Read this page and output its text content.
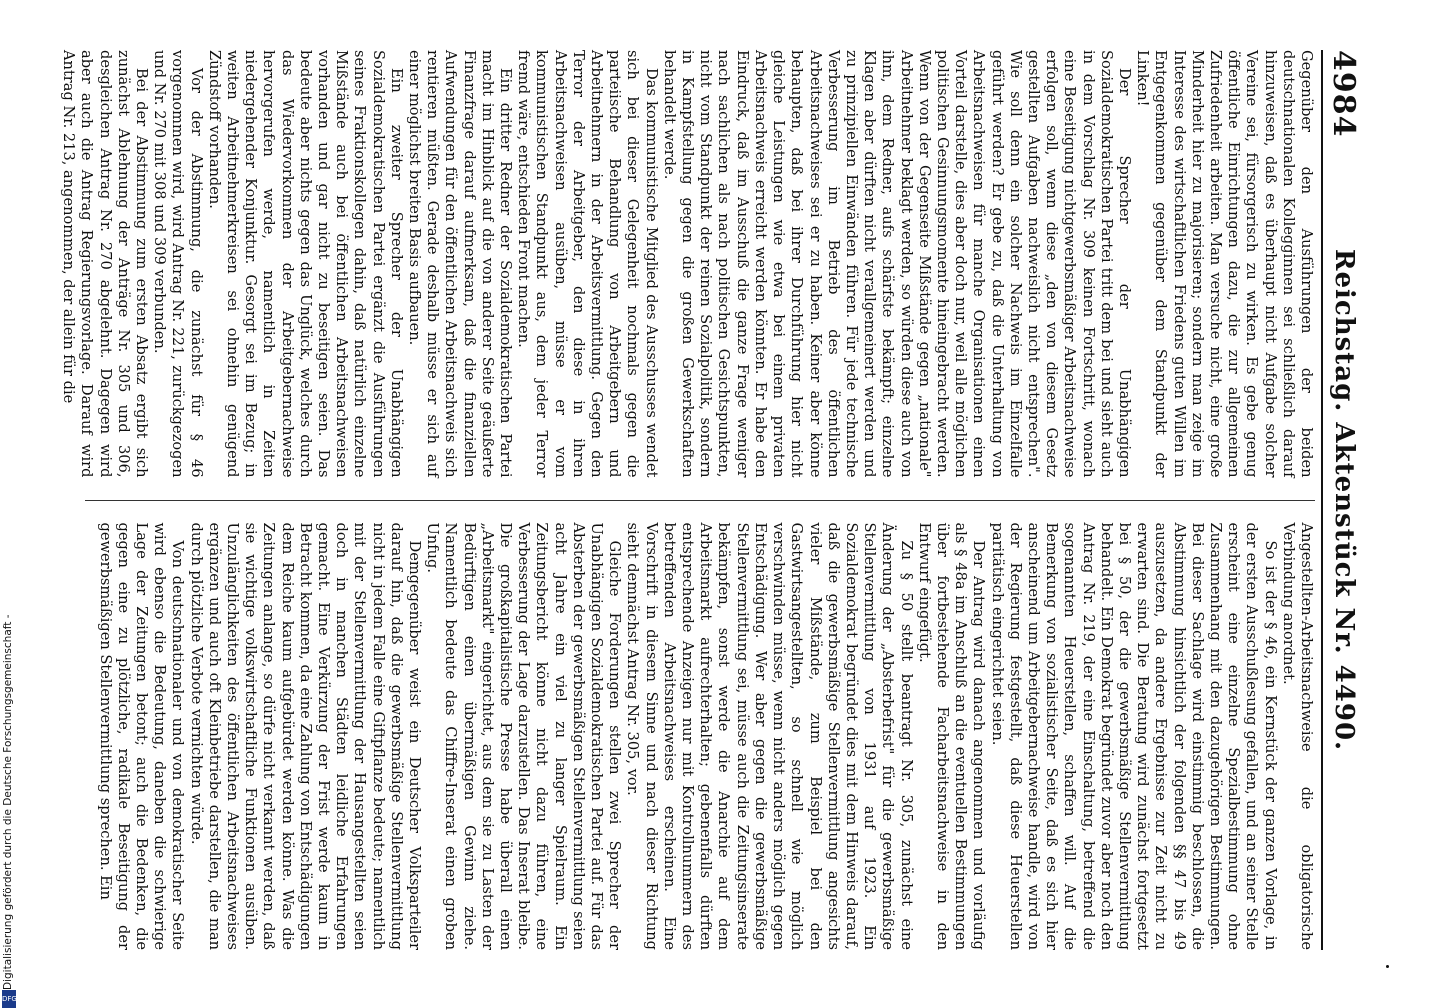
4984
Reichstag. Aktenstück Nr. 4490.

Gegenüber den Ausführungen der beiden deutschnationalen Kollegginnen sei schließlich darauf hinzuweisen, daß es überhaupt nicht Aufgabe solcher Vereine sei, fürsorgerisch zu wirken. Es gebe genug öffentliche Einrichtungen dazu, die zur allgemeinen Zufriedenheit arbeiten. Man versuche nicht, eine große Minderheit hier zu majorisieren; sondern man zeige im Interesse des wirtschaftlichen Friedens guten Willen im Entgegenkommen gegenüber dem Standpunkt der Linken!

Der Sprecher der Unabhängigen Sozialdemokratischen Partei tritt dem bei und sieht auch in dem Vorschlag Nr. 309 keinen Fortschritt, wonach eine Beseitigung nichtgewerbsmäßiger Arbeitsnachweise erfolgen soll, wenn diese „den von diesem Gesetz gestellten Aufgaben nachweislich nicht entsprechen". Wie soll denn ein solcher Nachweis im Einzelfalle geführt werden? Er gebe zu, daß die Unterhaltung von Arbeitsnachweisen für manche Organisationen einen Vorteil darstelle, dies aber doch nur, weil alle möglichen politischen Gesinnungsmomente hineingebracht werden. Wenn von der Gegenseite Mißstände gegen „nationale" Arbeitnehmer beklagt werden, so würden diese auch von ihm, dem Redner, aufs schärfste bekämpft; einzelne Klagen aber dürften nicht verallgemeinert werden und zu prinzipiellen Einwänden führen. Für jede technische Verbesserung im Betrieb des öffentlichen Arbeitsnachweises sei er zu haben. Keiner aber könne behaupten, daß bei ihrer Durchführung hier nicht gleiche Leistungen wie etwa bei einem privaten Arbeitsnachweis erreicht werden könnten. Er habe den Eindruck, daß im Ausschuß die ganze Frage weniger nach sachlichen als nach politischen Gesichtspunkten, nicht vom Standpunkt der reinen Sozialpolitik, sondern in Kampfstellung gegen die großen Gewerkschaften behandelt werde.

Das kommunistische Mitglied des Ausschusses wendet sich bei dieser Gelegenheit nochmals gegen die parteiische Behandlung von Arbeitgebern und Arbeitnehmern in der Arbeitsvermittlung. Gegen den Terror der Arbeitgeber, den diese in ihren Arbeitsnachweisen ausüben, müsse er vom kommunistischen Standpunkt aus, dem jeder Terror fremd wäre, entschieden Front machen.

Ein dritter Redner der Sozialdemokratischen Partei macht im Hinblick auf die von anderer Seite geäußerte Finanzfrage darauf aufmerksam, daß die finanziellen Aufwendungen für den öffentlichen Arbeitsnachweis sich rentieren müßten. Gerade deshalb müsse er sich auf einer möglichst breiten Basis aufbauen.

Ein zweiter Sprecher der Unabhängigen Sozialdemokratischen Partei ergänzt die Ausführungen seines Fraktionskollegen dahin, daß natürlich einzelne Mißstände auch bei öffentlichen Arbeitsnachweisen vorhanden und gar nicht zu beseitigen seien. Das bedeute aber nichts gegen das Unglück, welches durch das Wiedervorkommen der Arbeitgebernachweise hervorgerufen werde, namentlich in Zeiten niedergehender Konjunktur. Gesorgt sei im Bezug; in weiten Arbeitnehmerkreisen sei ohnehin genügend Zündstoff vorhanden.

Vor der Abstimmung, die zunächst für § 46 vorgenommen wird, wird Antrag Nr. 221, zurückgezogen und Nr. 270 mit 308 und 309 verbunden.

Bei der Abstimmung zum ersten Absatz ergibt sich zunächst Ablehnung der Anträge Nr. 305 und 306, desgleichen Antrag Nr. 270 abgelehnt. Dagegen wird aber auch die Antrag Regierungsvorlage. Darauf wird Antrag Nr. 213, angenommen, der allein für die

Angestellten-Arbeitsnachweise die obligatorische Verbindung anordnet.

So ist der § 46, ein Kernstück der ganzen Vorlage, in der ersten Ausschußlesung gefallen, und an seiner Stelle erscheint eine einzelne Spezialbestimmung ohne Zusammenhang mit den dazugehörigen Bestimmungen. Bei dieser Sachlage wird einstimmig beschlossen, die Abstimmung hinsichtlich der folgenden §§ 47 bis 49 auszusetzen, da andere Ergebnisse zur Zeit nicht zu erwarten sind. Die Beratung wird zunächst fortgesetzt bei § 50, der die gewerbsmäßige Stellenvermittlung behandelt. Ein Demokrat begründet zuvor aber noch den Antrag Nr. 219, der eine Einschaltung, betreffend die sogenannten Heuerstellen, schaffen will. Auf die Bemerkung von sozialistischer Seite, daß es sich hier anscheinend um Arbeitgebernachweise handle, wird von der Regierung festgestellt, daß diese Heuerstellen paritätisch eingerichtet seien.

Der Antrag wird danach angenommen und vorläufig als § 48a im Anschluß an die eventuellen Bestimmungen über fortbestehende Facharbeitsnachweise in den Entwurf eingefügt.

Zu § 50 stellt beantragt Nr. 305, zunächst eine Änderung der „Absterbefrist" für die gewerbsmäßige Stellenvermittlung von 1931 auf 1923. Ein Sozialdemokrat begründet dies mit dem Hinweis darauf, daß die gewerbsmäßige Stellenvermittlung angesichts vieler Mißstände, zum Beispiel bei den Gastwirtsangestellten, so schnell wie möglich verschwinden müsse, wenn nicht anders möglich gegen Entschädigung. Wer aber gegen die gewerbsmäßige Stellenvermittlung sei, müsse auch die Zeitungsinserate bekämpfen, sonst werde die Anarchie auf dem Arbeitsmarkt aufrechterhalten; gebenenfalls dürften entsprechende Anzeigen nur mit Kontrollnummern des betreffenden Arbeitsnachweises erscheinen. Eine Vorschrift in diesem Sinne und nach dieser Richtung sieht demnächst Antrag Nr. 305, vor.

Gleiche Forderungen stellen zwei Sprecher der Unabhängigen Sozialdemokratischen Partei auf. Für das Absterben der gewerbsmäßigen Stellenvermittlung seien acht Jahre ein viel zu langer Spielraum. Ein Zeitungsbericht könne nicht dazu führen, eine Verbesserung der Lage darzustellen. Das Inserat bleibe. Die großkapitalistische Presse habe überall einen „Arbeitsmarkt" eingerichtet, aus dem sie zu Lasten der Bedürftigen einen übermäßigen Gewinn ziehe. Namentlich bedeute das Chiffre-Inserat einen groben Unfug.

Demgegenüber weist ein Deutscher Volksparteiler darauf hin, daß die gewerbsmäßige Stellenvermittlung nicht in jedem Falle eine Giftpflanze bedeute; namentlich mit der Stellenvermittlung der Hausangestellten seien doch in manchen Städten leidliche Erfahrungen gemacht. Eine Verkürzung der Frist werde kaum in Betracht kommen, da eine Zahlung von Entschädigungen dem Reiche kaum aufgebürdet werden könne. Was die Zeitungen anlange, so dürfe nicht verkannt werden, daß sie wichtige volkswirtschaftliche Funktionen ausüben. Unzulänglichkeiten des öffentlichen Arbeitsnachweises ergänzen und auch oft Kleinbetriebe darstellen, die man durch plötzliche Verbote vernichten würde.

Von deutschnationaler und von demokratischer Seite wird ebenso die Bedeutung, daneben die schwierige Lage der Zeitungen betont; auch die Bedenken, die gegen eine zu plötzliche, radikale Beseitigung der gewerbsmäßigen Stellenvermittlung sprechen. Ein

Digitalisierung gefördert durch die Deutsche Forschungsgemeinschaft -
DFG
